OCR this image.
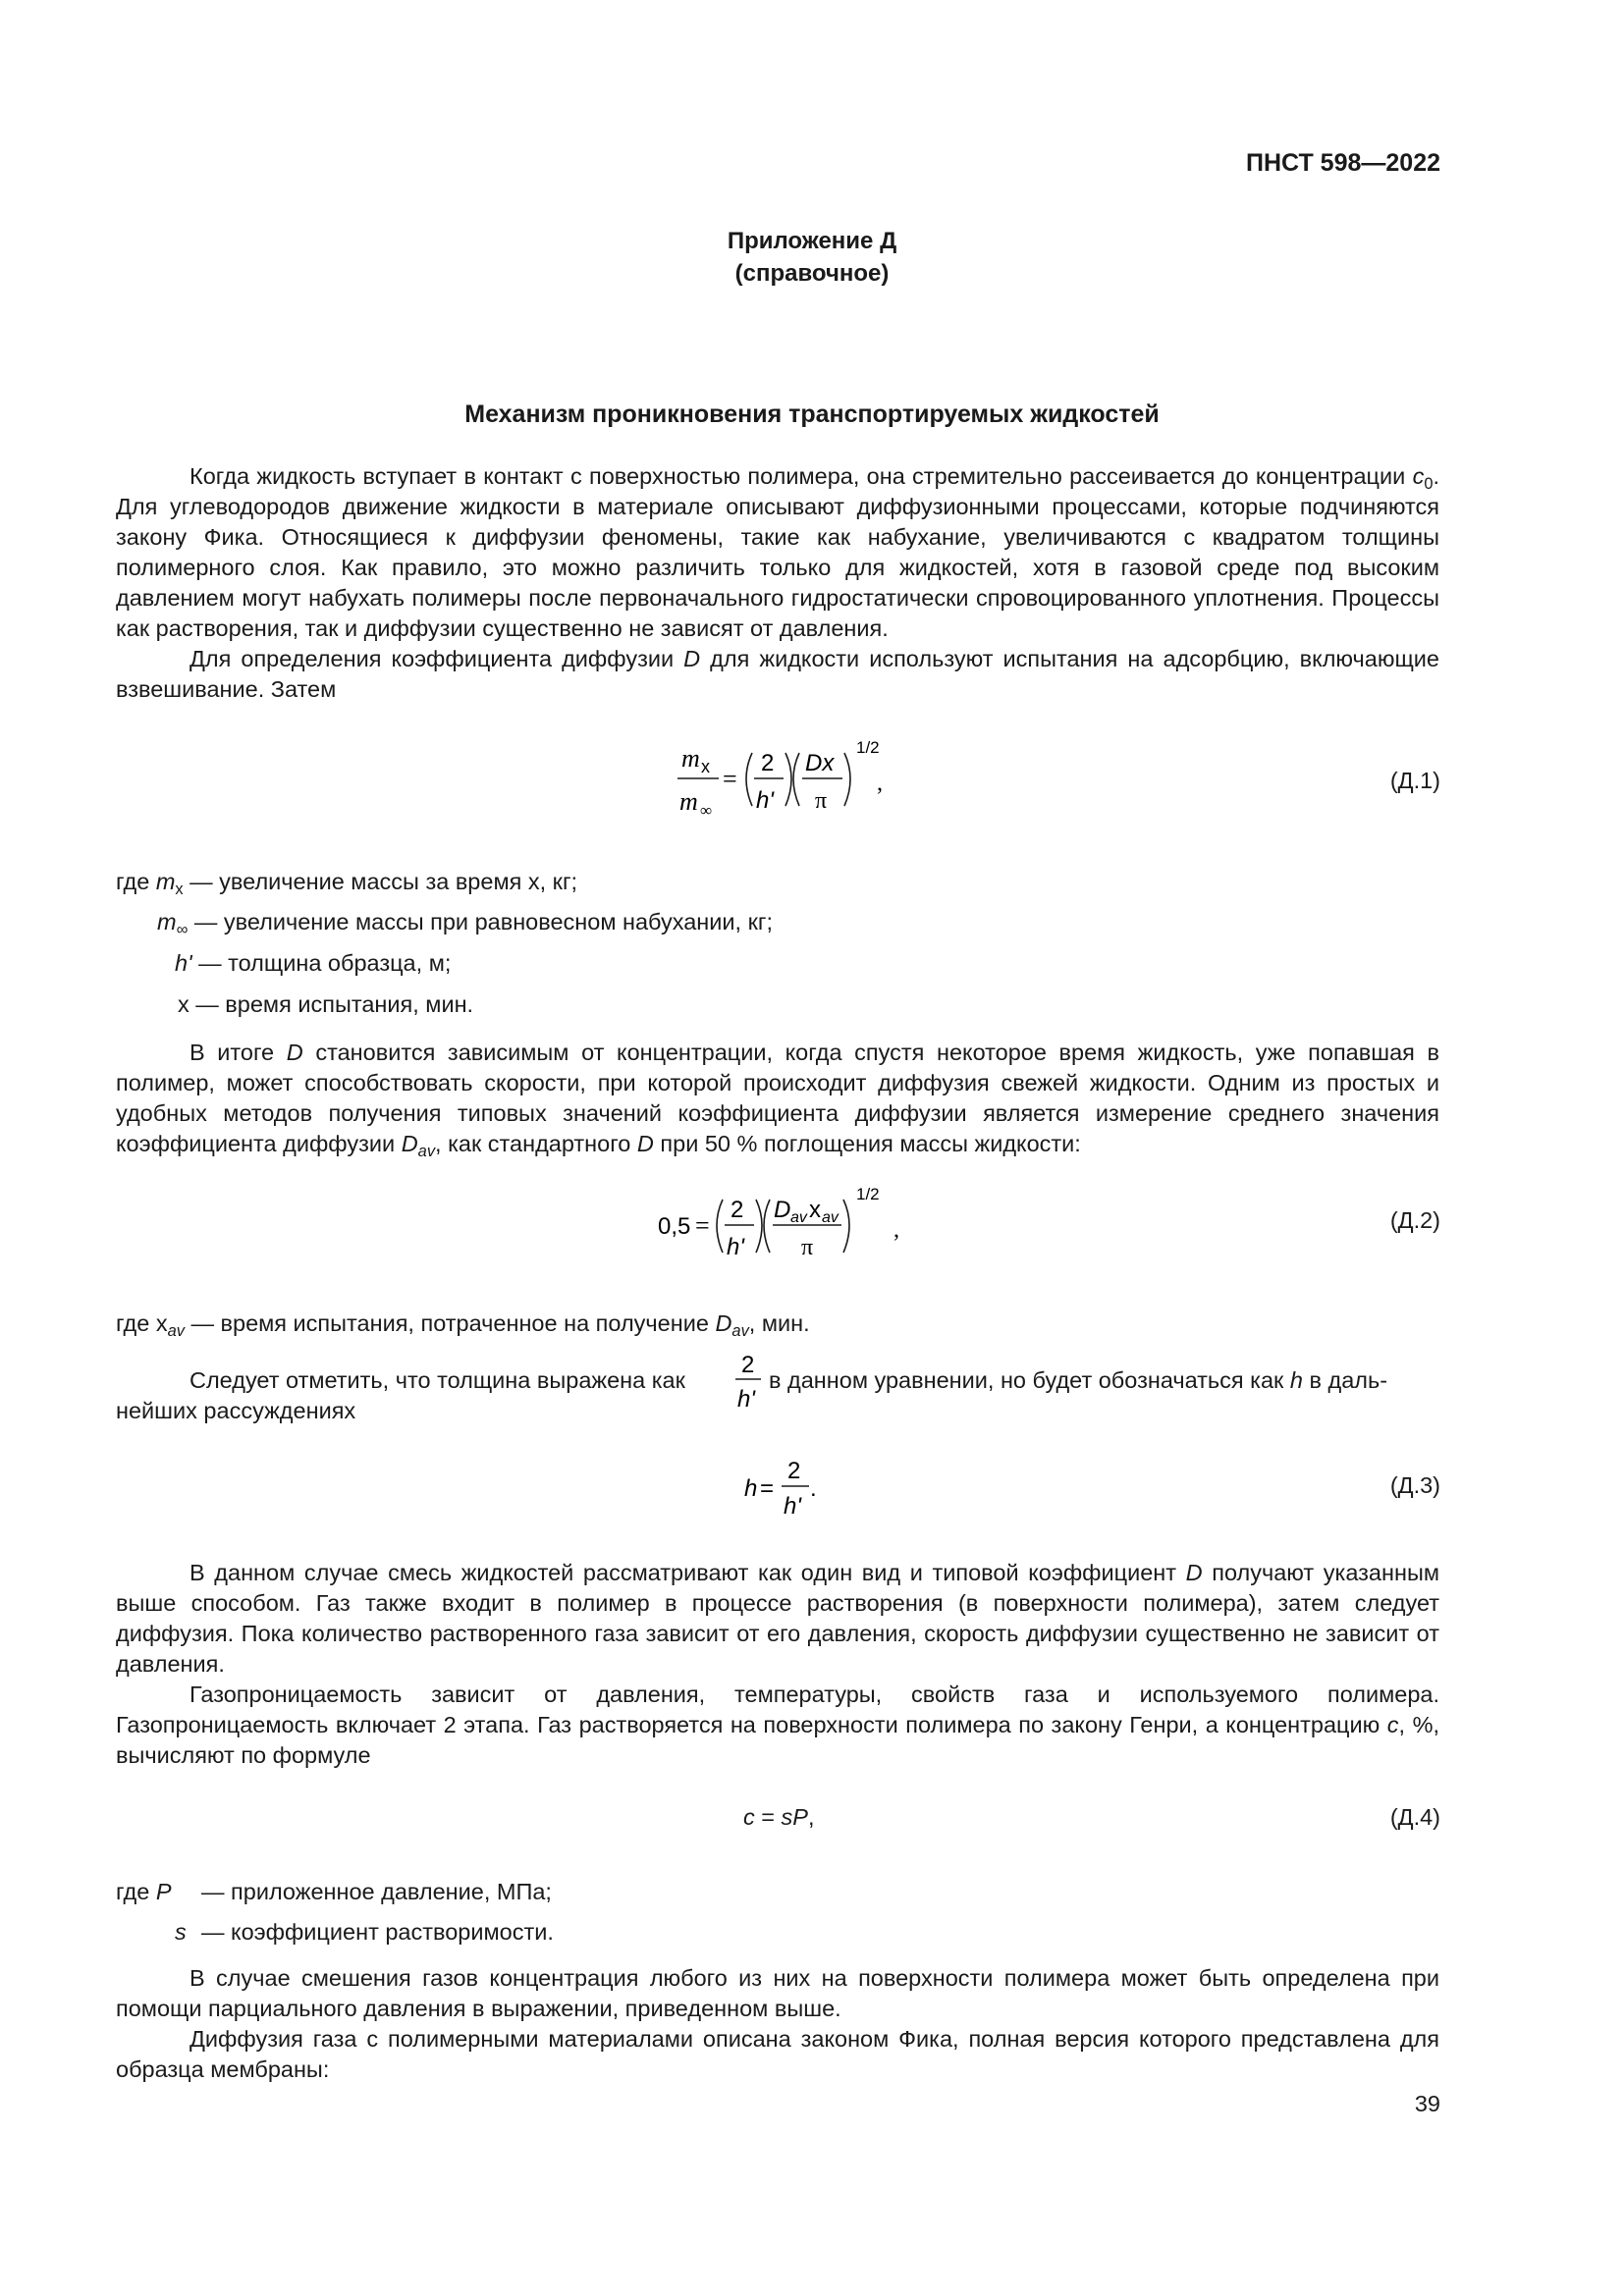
ПНСТ 598—2022
Приложение Д
(справочное)
Механизм проникновения транспортируемых жидкостей

Когда жидкость вступает в контакт с поверхностью полимера, она стремительно рассеивается до концентрации $c_0$. Для углеводородов движение жидкости в материале описывают диффузионными процессами, которые подчиняются закону Фика. Относящиеся к диффузии феномены, такие как набухание, увеличиваются с квадратом толщины полимерного слоя. Как правило, это можно различить только для жидкостей, хотя в газовой среде под высоким давлением могут набухать полимеры после первоначального гидростатически спровоцированного уплотнения. Процессы как растворения, так и диффузии существенно не зависят от давления.

Для определения коэффициента диффузии D для жидкости используют испытания на адсорбцию, включающие взвешивание. Затем

m x
m ∞
=
2
h'
Dx
π
1/2
,	(Д.1)
где $m_x$ — увеличение массы за время x, кг;
$m_\infty$ — увеличение массы при равновесном набухании, кг;
h' — толщина образца, м;
x — время испытания, мин.

В итоге D становится зависимым от концентрации, когда спустя некоторое время жидкость, уже попавшая в полимер, может способствовать скорости, при которой происходит диффузия свежей жидкости. Одним из простых и удобных методов получения типовых значений коэффициента диффузии является измерение среднего значения коэффициента диффузии $D_{av}$, как стандартного D при 50 % поглощения массы жидкости:

0,5 =
2
h'
D av x av
π
1/2
,	(Д.2)
где $x_{av}$ — время испытания, потраченное на получение $D_{av}$, мин.
Следует отметить, что толщина выражена как
2
h'
в данном уравнении, но будет обозначаться как h в даль-
нейших рассуждениях
h =
2
h'
.	(Д.3)

В данном случае смесь жидкостей рассматривают как один вид и типовой коэффициент D получают указанным выше способом. Газ также входит в полимер в процессе растворения (в поверхности полимера), затем следует диффузия. Пока количество растворенного газа зависит от его давления, скорость диффузии существенно не зависит от давления.

Газопроницаемость зависит от давления, температуры, свойств газа и используемого полимера. Газопроницаемость включает 2 этапа. Газ растворяется на поверхности полимера по закону Генри, а концентрацию c, %, вычисляют по формуле

c = sP,	(Д.4)
где P — приложенное давление, МПа;
s — коэффициент растворимости.

В случае смешения газов концентрация любого из них на поверхности полимера может быть определена при помощи парциального давления в выражении, приведенном выше.

Диффузия газа с полимерными материалами описана законом Фика, полная версия которого представлена для образца мембраны:

39
